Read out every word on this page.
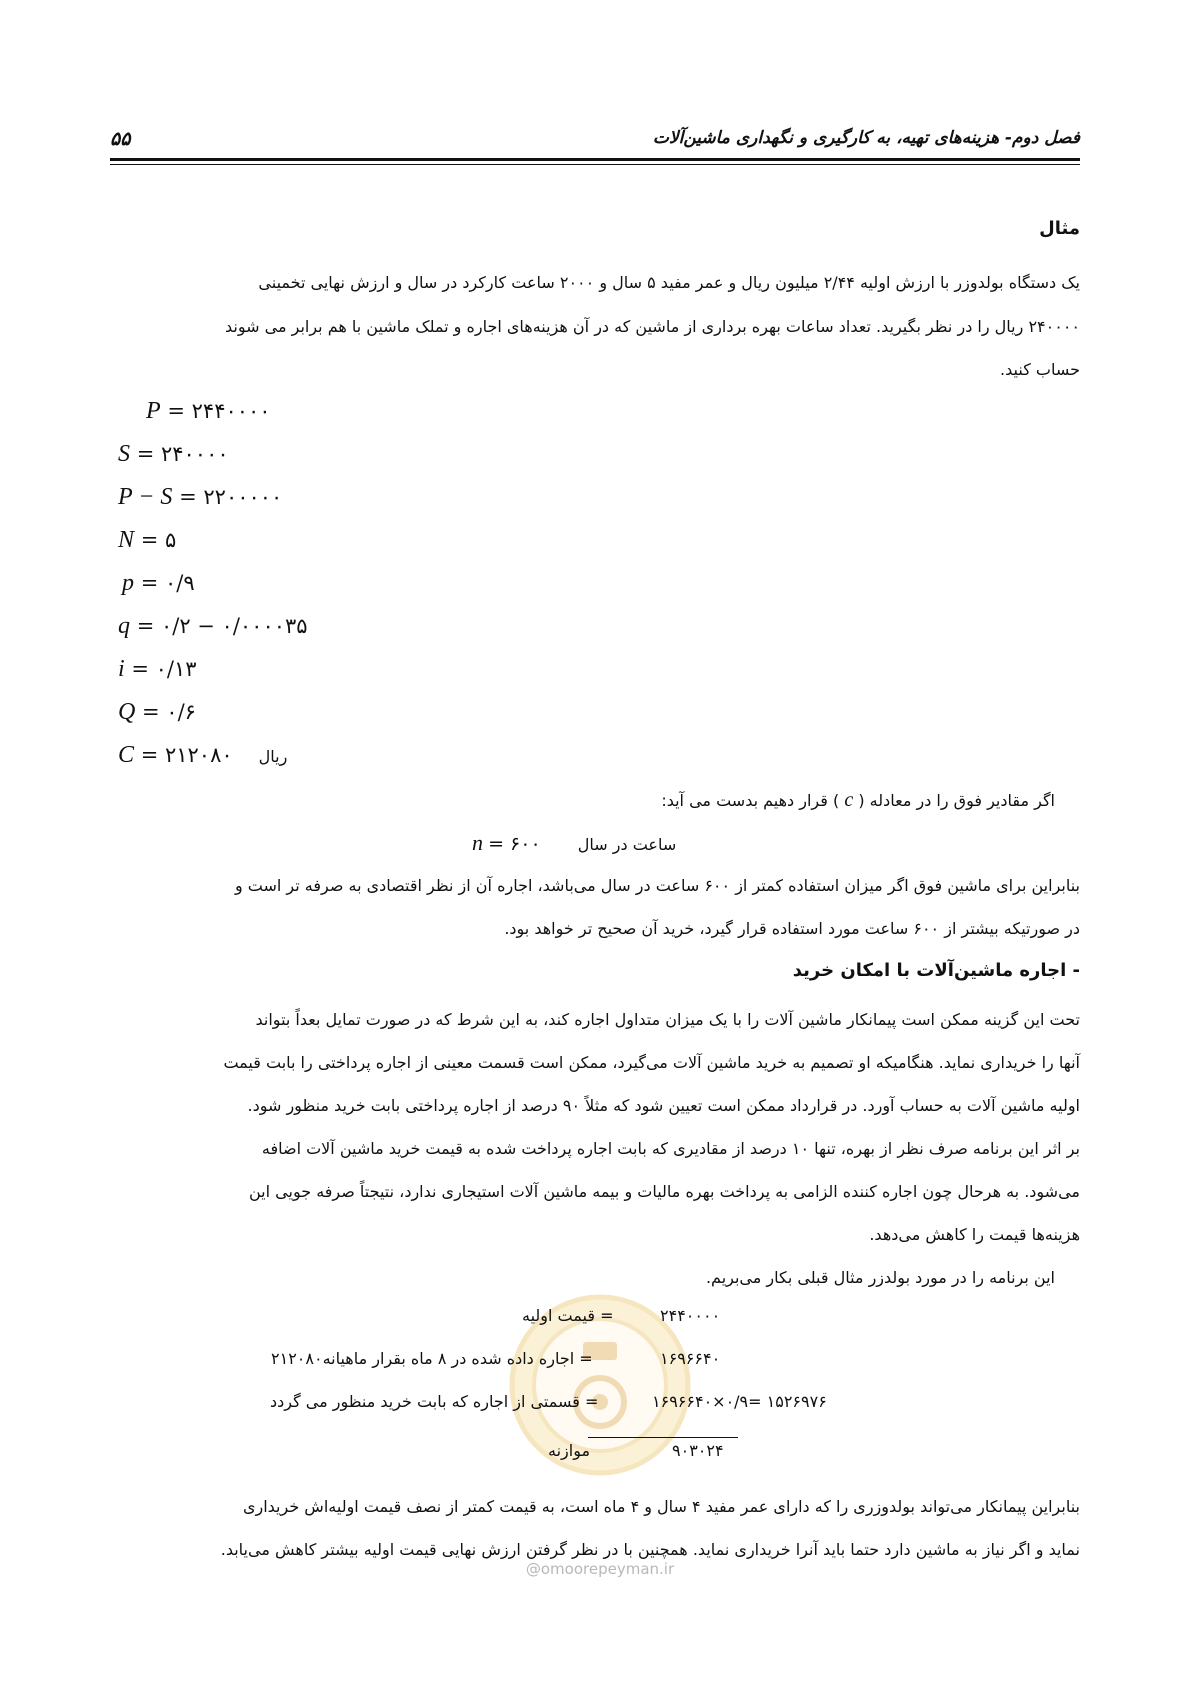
فصل دوم- هزینه‌های تهیه، به کارگیری و نگهداری ماشین‌آلات
۵۵
مثال
یک دستگاه بولدوزر با ارزش اولیه ۲/۴۴ میلیون ریال و عمر مفید ۵ سال و ۲۰۰۰ ساعت کارکرد در سال و ارزش نهایی تخمینی
۲۴۰۰۰۰ ریال را در نظر بگیرید. تعداد ساعات بهره برداری از ماشین که در آن هزینه‌های اجاره و تملک ماشین با هم برابر می شوند
حساب کنید.
P = ۲۴۴۰۰۰۰
S = ۲۴۰۰۰۰
P − S = ۲۲۰۰۰۰۰
N = ۵
p = ۰/۹
q = ۰/۲ − ۰/۰۰۰۰۳۵
i = ۰/۱۳
Q = ۰/۶
C = ۲۱۲۰۸۰ ریال
اگر مقادیر فوق را در معادله ( c ) قرار دهیم بدست می آید:
n = ۶۰۰ ساعت در سال
بنابراین برای ماشین فوق اگر میزان استفاده کمتر از ۶۰۰ ساعت در سال می‌باشد، اجاره آن از نظر اقتصادی به صرفه تر است و
در صورتیکه بیشتر از ۶۰۰ ساعت مورد استفاده قرار گیرد، خرید آن صحیح تر خواهد بود.
- اجاره ماشین‌آلات با امکان خرید
تحت این گزینه ممکن است پیمانکار ماشین آلات را با یک میزان متداول اجاره کند، به این شرط که در صورت تمایل بعداً بتواند
آنها را خریداری نماید. هنگامیکه او تصمیم به خرید ماشین آلات می‌گیرد، ممکن است قسمت معینی از اجاره پرداختی را بابت قیمت
اولیه ماشین آلات به حساب آورد. در قرارداد ممکن است تعیین شود که مثلاً ۹۰ درصد از اجاره پرداختی بابت خرید منظور شود.
بر اثر این برنامه صرف نظر از بهره، تنها ۱۰ درصد از مقادیری که بابت اجاره پرداخت شده به قیمت خرید ماشین آلات اضافه
می‌شود. به هرحال چون اجاره کننده الزامی به پرداخت بهره مالیات و بیمه ماشین آلات استیجاری ندارد، نتیجتاً صرفه جویی این
هزینه‌ها قیمت را کاهش می‌دهد.
این برنامه را در مورد بولدزر مثال قبلی بکار می‌بریم.
۲۴۴۰۰۰۰
= قیمت اولیه
۱۶۹۶۶۴۰
= اجاره داده شده در ۸ ماه بقرار ماهیانه۲۱۲۰۸۰
۱۵۲۶۹۷۶ =۰/۹×۱۶۹۶۶۴۰
= قسمتی از اجاره که بابت خرید منظور می گردد
۹۰۳۰۲۴
موازنه
بنابراین پیمانکار می‌تواند بولدوزری را که دارای عمر مفید ۴ سال و ۴ ماه است، به قیمت کمتر از نصف قیمت اولیه‌اش خریداری
نماید و اگر نیاز به ماشین دارد حتما باید آنرا خریداری نماید. همچنین با در نظر گرفتن ارزش نهایی قیمت اولیه بیشتر کاهش می‌یابد.
@omoorepeyman.ir
